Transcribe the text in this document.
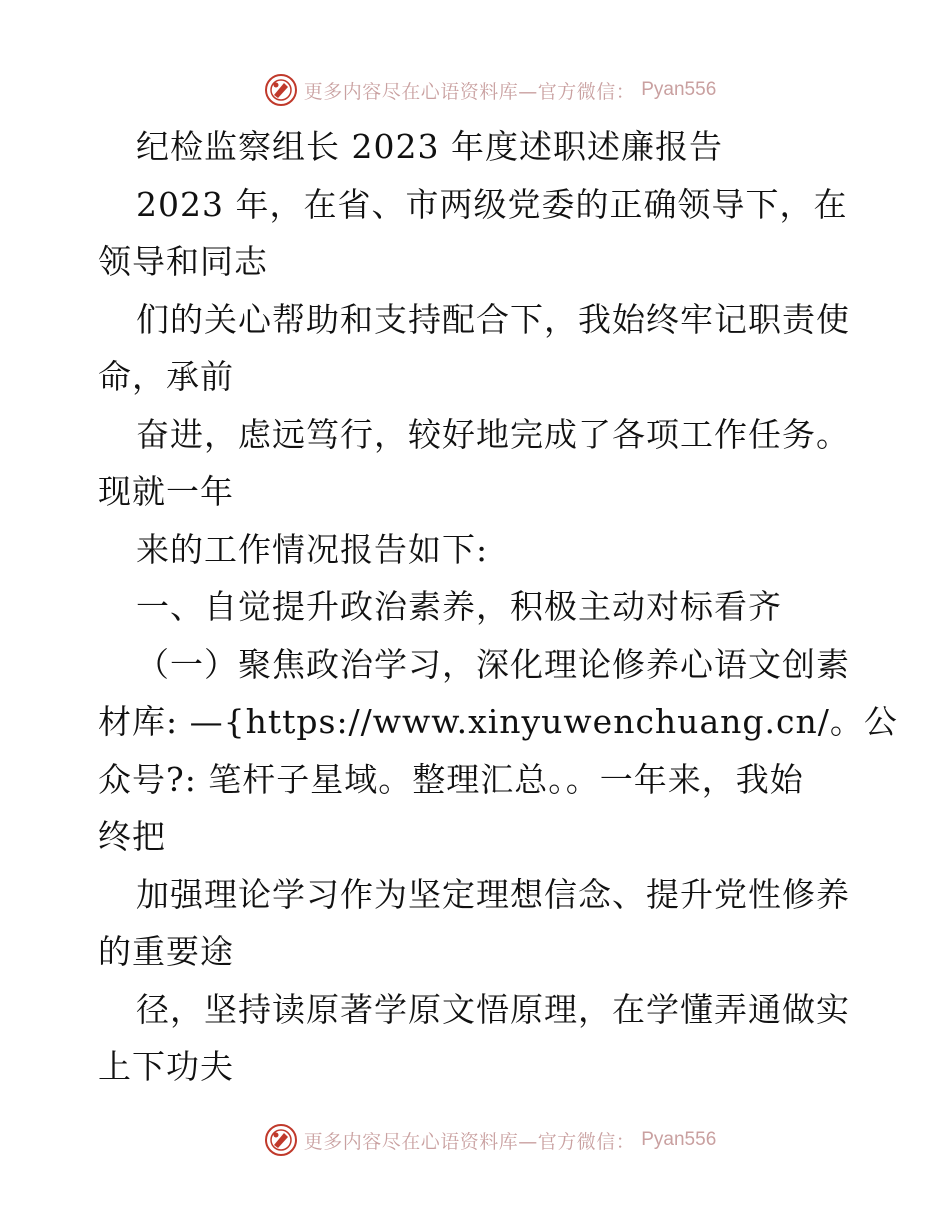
更多内容尽在心语资料库—官方微信： Pyan556
纪检监察组长 2023 年度述职述廉报告
2023 年，在省、市两级党委的正确领导下，在
领导和同志
们的关心帮助和支持配合下，我始终牢记职责使
命，承前
奋进，虑远笃行，较好地完成了各项工作任务。
现就一年
来的工作情况报告如下:
一、自觉提升政治素养，积极主动对标看齐
（一）聚焦政治学习，深化理论修养心语文创素
材库: —{https://www.xinyuwenchuang.cn/。公
众号?: 笔杆子星域。整理汇总。。一年来，我始
终把
加强理论学习作为坚定理想信念、提升党性修养
的重要途
径，坚持读原著学原文悟原理，在学懂弄通做实
上下功夫
更多内容尽在心语资料库—官方微信： Pyan556
